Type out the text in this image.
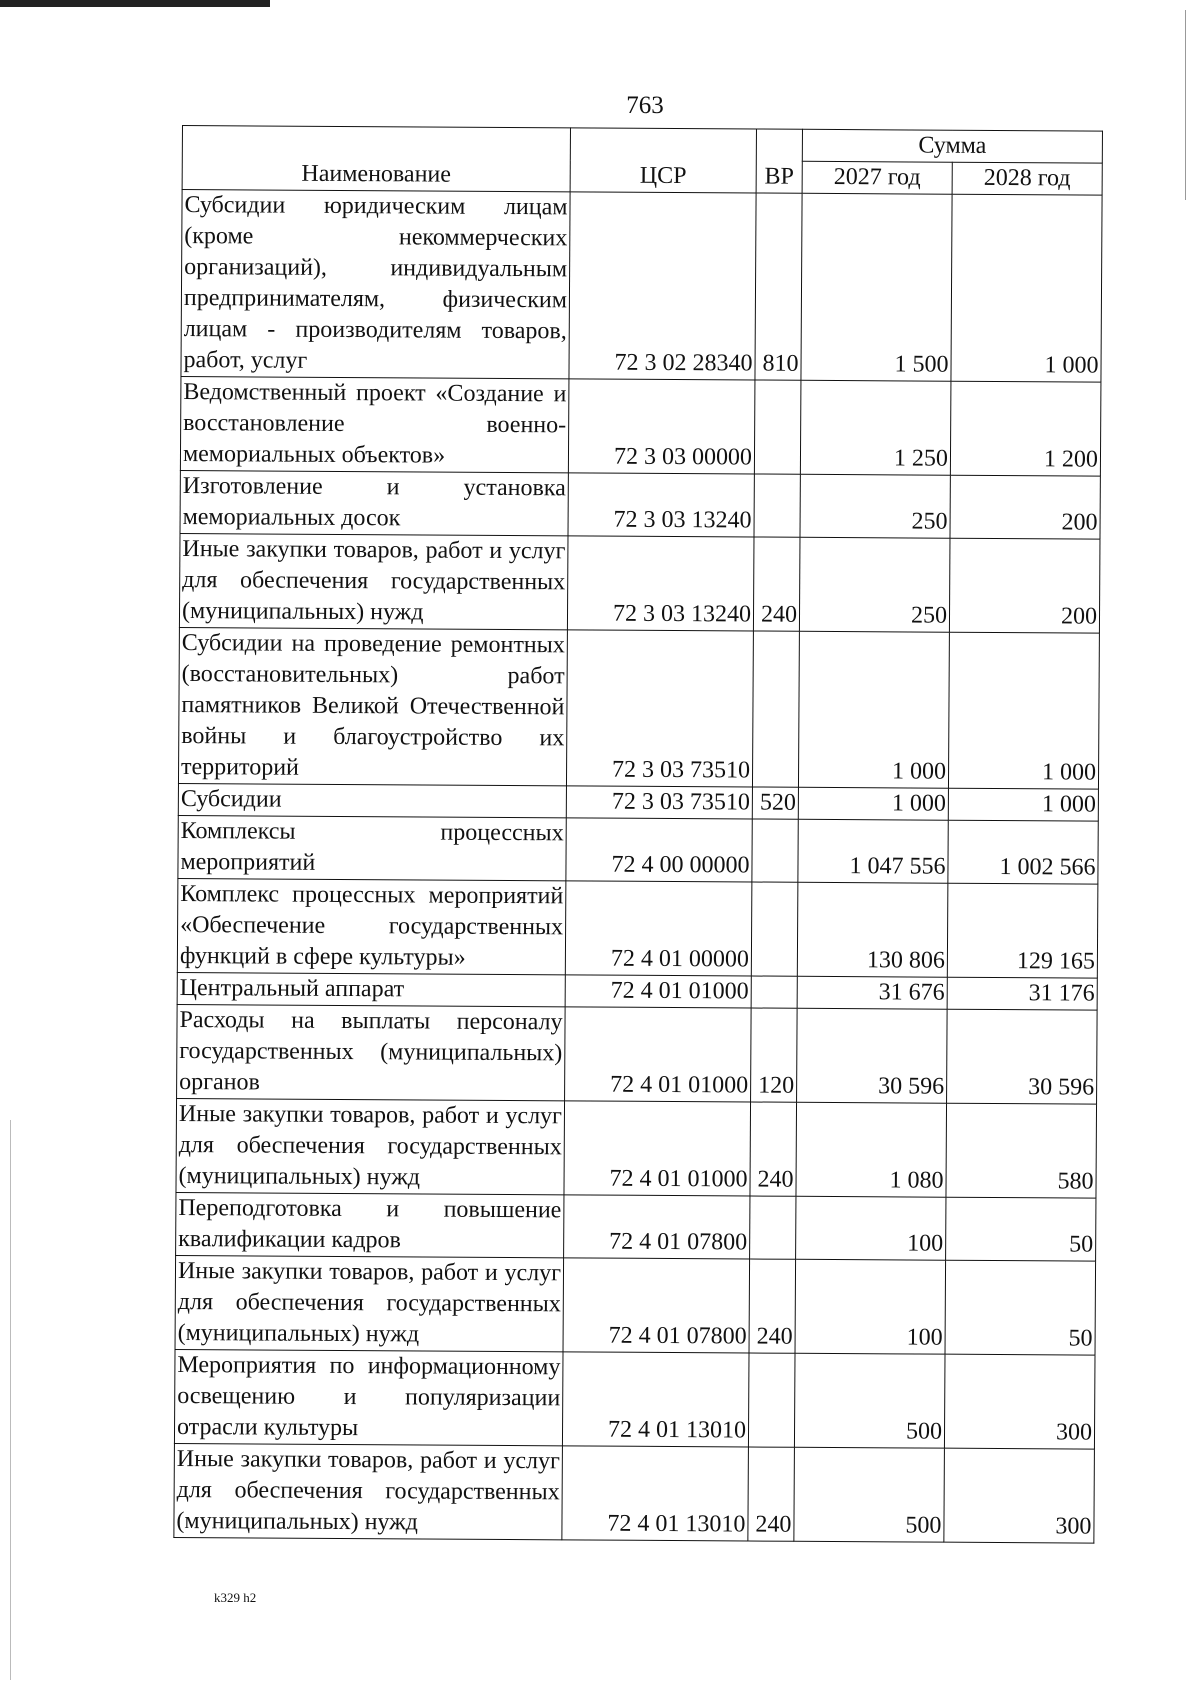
763
Наименование	ЦСР	ВР	Сумма	
			2027 год	2028 год
Субсидии юридическим лицам (кроме некоммерческих организаций), индивидуальным предпринимателям, физическим лицам - производителям товаров, работ, услуг	72 3 02 28340	810	1 500	1 000
Ведомственный проект «Создание и восстановление военно-мемориальных объектов»	72 3 03 00000		1 250	1 200
Изготовление и установка мемориальных досок	72 3 03 13240		250	200
Иные закупки товаров, работ и услуг для обеспечения государственных (муниципальных) нужд	72 3 03 13240	240	250	200
Субсидии на проведение ремонтных (восстановительных) работ памятников Великой Отечественной войны и благоустройство их территорий	72 3 03 73510		1 000	1 000
Субсидии	72 3 03 73510	520	1 000	1 000
Комплексы процессных мероприятий	72 4 00 00000		1 047 556	1 002 566
Комплекс процессных мероприятий «Обеспечение государственных функций в сфере культуры»	72 4 01 00000		130 806	129 165
Центральный аппарат	72 4 01 01000		31 676	31 176
Расходы на выплаты персоналу государственных (муниципальных) органов	72 4 01 01000	120	30 596	30 596
Иные закупки товаров, работ и услуг для обеспечения государственных (муниципальных) нужд	72 4 01 01000	240	1 080	580
Переподготовка и повышение квалификации кадров	72 4 01 07800		100	50
Иные закупки товаров, работ и услуг для обеспечения государственных (муниципальных) нужд	72 4 01 07800	240	100	50
Мероприятия по информационному освещению и популяризации отрасли культуры	72 4 01 13010		500	300
Иные закупки товаров, работ и услуг для обеспечения государственных (муниципальных) нужд	72 4 01 13010	240	500	300
k329 h2
